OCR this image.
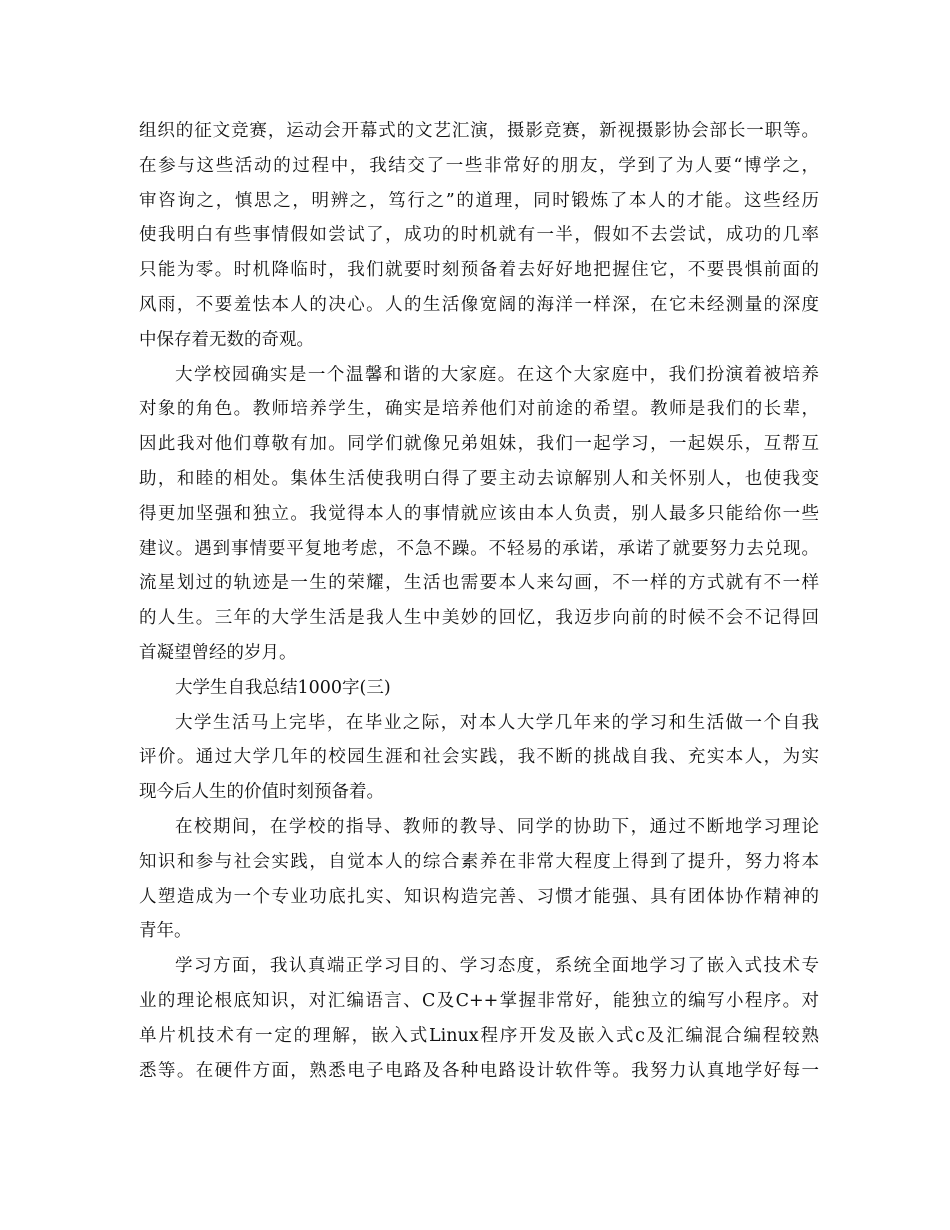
组织的征文竞赛，运动会开幕式的文艺汇演，摄影竞赛，新视摄影协会部长一职等。
在参与这些活动的过程中，我结交了一些非常好的朋友，学到了为人要“博学之，
审咨询之，慎思之，明辨之，笃行之”的道理，同时锻炼了本人的才能。这些经历
使我明白有些事情假如尝试了，成功的时机就有一半，假如不去尝试，成功的几率
只能为零。时机降临时，我们就要时刻预备着去好好地把握住它，不要畏惧前面的
风雨，不要羞怯本人的决心。人的生活像宽阔的海洋一样深，在它未经测量的深度
中保存着无数的奇观。
大学校园确实是一个温馨和谐的大家庭。在这个大家庭中，我们扮演着被培养
对象的角色。教师培养学生，确实是培养他们对前途的希望。教师是我们的长辈，
因此我对他们尊敬有加。同学们就像兄弟姐妹，我们一起学习，一起娱乐，互帮互
助，和睦的相处。集体生活使我明白得了要主动去谅解别人和关怀别人，也使我变
得更加坚强和独立。我觉得本人的事情就应该由本人负责，别人最多只能给你一些
建议。遇到事情要平复地考虑，不急不躁。不轻易的承诺，承诺了就要努力去兑现。
流星划过的轨迹是一生的荣耀，生活也需要本人来勾画，不一样的方式就有不一样
的人生。三年的大学生活是我人生中美妙的回忆，我迈步向前的时候不会不记得回
首凝望曾经的岁月。
大学生自我总结1000字(三)
大学生活马上完毕，在毕业之际，对本人大学几年来的学习和生活做一个自我
评价。通过大学几年的校园生涯和社会实践，我不断的挑战自我、充实本人，为实
现今后人生的价值时刻预备着。
在校期间，在学校的指导、教师的教导、同学的协助下，通过不断地学习理论
知识和参与社会实践，自觉本人的综合素养在非常大程度上得到了提升，努力将本
人塑造成为一个专业功底扎实、知识构造完善、习惯才能强、具有团体协作精神的
青年。
学习方面，我认真端正学习目的、学习态度，系统全面地学习了嵌入式技术专
业的理论根底知识，对汇编语言、C及C++掌握非常好，能独立的编写小程序。对
单片机技术有一定的理解，嵌入式Linux程序开发及嵌入式c及汇编混合编程较熟
悉等。在硬件方面，熟悉电子电路及各种电路设计软件等。我努力认真地学好每一
